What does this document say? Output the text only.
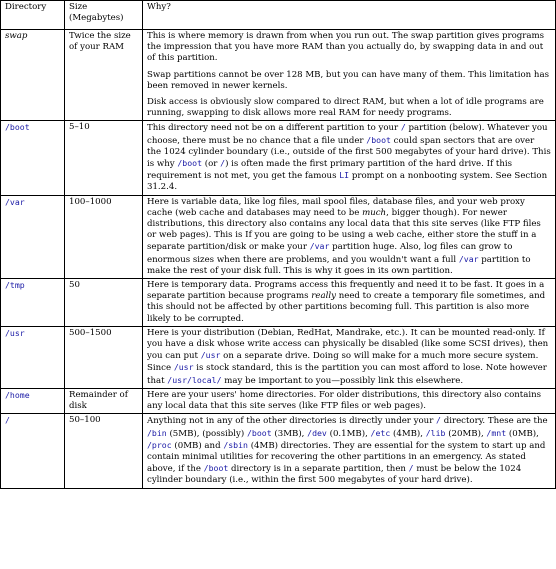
Directory	Size (Megabytes)	Why?
swap	Twice the size of your RAM	This is where memory is drawn from when you run out. The swap partition gives programs the impression that you have more RAM than you actually do, by swapping data in and out of this partition.

Swap partitions cannot be over 128 MB, but you can have many of them. This limitation has been removed in newer kernels.

Disk access is obviously slow compared to direct RAM, but when a lot of idle programs are running, swapping to disk allows more real RAM for needy programs.

/boot	5–10	This directory need not be on a different partition to your / partition (below). Whatever you choose, there must be no chance that a file under /boot could span sectors that are over the 1024 cylinder boundary (i.e., outside of the first 500 megabytes of your hard drive). This is why /boot (or /) is often made the first primary partition of the hard drive. If this requirement is not met, you get the famous LI prompt on a nonbooting system. See Section 31.2.4.

/var	100–1000	Here is variable data, like log files, mail spool files, database files, and your web proxy cache (web cache and databases may need to be much, bigger though). For newer distributions, this directory also contains any local data that this site serves (like FTP files or web pages). This is If you are going to be using a web cache, either store the stuff in a separate partition/disk or make your /var partition huge. Also, log files can grow to enormous sizes when there are problems, and you wouldn't want a full /var partition to make the rest of your disk full. This is why it goes in its own partition.

/tmp	50	Here is temporary data. Programs access this frequently and need it to be fast. It goes in a separate partition because programs really need to create a temporary file sometimes, and this should not be affected by other partitions becoming full. This partition is also more likely to be corrupted.

/usr	500–1500	Here is your distribution (Debian, RedHat, Mandrake, etc.). It can be mounted read-only. If you have a disk whose write access can physically be disabled (like some SCSI drives), then you can put /usr on a separate drive. Doing so will make for a much more secure system. Since /usr is stock standard, this is the partition you can most afford to lose. Note however that /usr/local/ may be important to you—possibly link this elsewhere.

/home	Remainder of disk	Here are your users' home directories. For older distributions, this directory also contains any local data that this site serves (like FTP files or web pages).

/	50–100	Anything not in any of the other directories is directly under your / directory. These are the /bin (5MB), (possibly) /boot (3MB), /dev (0.1MB), /etc (4MB), /lib (20MB), /mnt (0MB), /proc (0MB) and /sbin (4MB) directories. They are essential for the system to start up and contain minimal utilities for recovering the other partitions in an emergency. As stated above, if the /boot directory is in a separate partition, then / must be below the 1024 cylinder boundary (i.e., within the first 500 megabytes of your hard drive).
